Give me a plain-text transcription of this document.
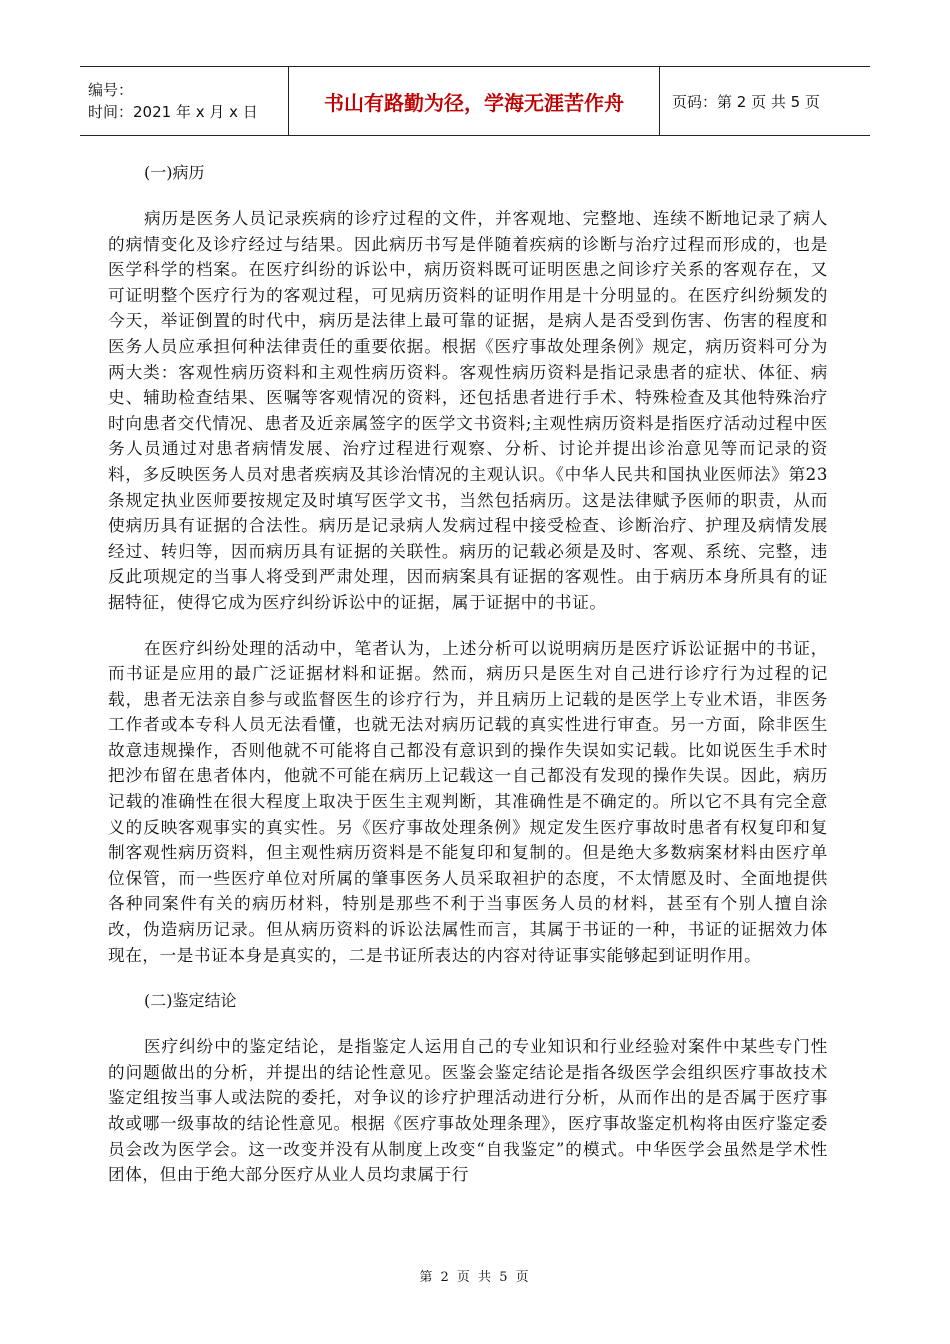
编号：
时间：2021 年 x 月 x 日	书山有路勤为径，学海无涯苦作舟	页码：第 2 页 共 5 页

(一)病历

病历是医务人员记录疾病的诊疗过程的文件，并客观地、完整地、连续不断地记录了病人的病情变化及诊疗经过与结果。因此病历书写是伴随着疾病的诊断与治疗过程而形成的，也是医学科学的档案。在医疗纠纷的诉讼中，病历资料既可证明医患之间诊疗关系的客观存在，又可证明整个医疗行为的客观过程，可见病历资料的证明作用是十分明显的。在医疗纠纷频发的今天，举证倒置的时代中，病历是法律上最可靠的证据，是病人是否受到伤害、伤害的程度和医务人员应承担何种法律责任的重要依据。根据《医疗事故处理条例》规定，病历资料可分为两大类：客观性病历资料和主观性病历资料。客观性病历资料是指记录患者的症状、体征、病史、辅助检查结果、医嘱等客观情况的资料，还包括患者进行手术、特殊检查及其他特殊治疗时向患者交代情况、患者及近亲属签字的医学文书资料;主观性病历资料是指医疗活动过程中医务人员通过对患者病情发展、治疗过程进行观察、分析、讨论并提出诊治意见等而记录的资料，多反映医务人员对患者疾病及其诊治情况的主观认识。《中华人民共和国执业医师法》第23条规定执业医师要按规定及时填写医学文书，当然包括病历。这是法律赋予医师的职责，从而使病历具有证据的合法性。病历是记录病人发病过程中接受检查、诊断治疗、护理及病情发展经过、转归等，因而病历具有证据的关联性。病历的记载必须是及时、客观、系统、完整，违反此项规定的当事人将受到严肃处理，因而病案具有证据的客观性。由于病历本身所具有的证据特征，使得它成为医疗纠纷诉讼中的证据，属于证据中的书证。

在医疗纠纷处理的活动中，笔者认为，上述分析可以说明病历是医疗诉讼证据中的书证，而书证是应用的最广泛证据材料和证据。然而，病历只是医生对自己进行诊疗行为过程的记载，患者无法亲自参与或监督医生的诊疗行为，并且病历上记载的是医学上专业术语，非医务工作者或本专科人员无法看懂，也就无法对病历记载的真实性进行审查。另一方面，除非医生故意违规操作，否则他就不可能将自己都没有意识到的操作失误如实记载。比如说医生手术时把沙布留在患者体内，他就不可能在病历上记载这一自己都没有发现的操作失误。因此，病历记载的准确性在很大程度上取决于医生主观判断，其准确性是不确定的。所以它不具有完全意义的反映客观事实的真实性。另《医疗事故处理条例》规定发生医疗事故时患者有权复印和复制客观性病历资料，但主观性病历资料是不能复印和复制的。但是绝大多数病案材料由医疗单位保管，而一些医疗单位对所属的肇事医务人员采取袒护的态度，不太情愿及时、全面地提供各种同案件有关的病历材料，特别是那些不利于当事医务人员的材料，甚至有个别人擅自涂改，伪造病历记录。但从病历资料的诉讼法属性而言，其属于书证的一种，书证的证据效力体现在，一是书证本身是真实的，二是书证所表达的内容对待证事实能够起到证明作用。

(二)鉴定结论

医疗纠纷中的鉴定结论，是指鉴定人运用自己的专业知识和行业经验对案件中某些专门性的问题做出的分析，并提出的结论性意见。医鉴会鉴定结论是指各级医学会组织医疗事故技术鉴定组按当事人或法院的委托，对争议的诊疗护理活动进行分析，从而作出的是否属于医疗事故或哪一级事故的结论性意见。根据《医疗事故处理条理》，医疗事故鉴定机构将由医疗鉴定委员会改为医学会。这一改变并没有从制度上改变“自我鉴定”的模式。中华医学会虽然是学术性团体，但由于绝大部分医疗从业人员均隶属于行

第 2 页 共 5 页
